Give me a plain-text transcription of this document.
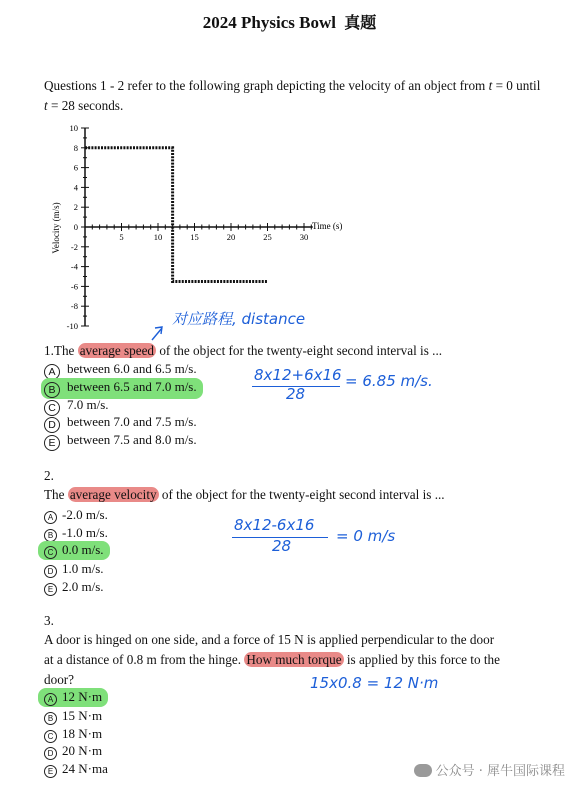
2024 Physics Bowl 真题
Questions 1 - 2 refer to the following graph depicting the velocity of an object from t = 0 until t = 28 seconds.
Velocity (m/s)	Time (s)
10
8
6
4
2
0
-2
-4
-6
-8
-10
5	10	15	20	25	30
对应路程, distance
1.The average speed of the object for the twenty-eight second interval is ...
A between 6.0 and 6.5 m/s.
B between 6.5 and 7.0 m/s.
C 7.0 m/s.
D between 7.0 and 7.5 m/s.
E between 7.5 and 8.0 m/s.
8x12+6x16
28
= 6.85 m/s.
2.
The average velocity of the object for the twenty-eight second interval is ...
A -2.0 m/s.
B -1.0 m/s.
C 0.0 m/s.
D 1.0 m/s.
E 2.0 m/s.
8x12-6x16
28
= 0 m/s
3.
A door is hinged on one side, and a force of 15 N is applied perpendicular to the door
at a distance of 0.8 m from the hinge. How much torque is applied by this force to the
door?
A 12 N·m
B 15 N·m
C 18 N·m
D 20 N·m
E 24 N·ma
15x0.8 = 12 N·m
公众号 · 犀牛国际课程
